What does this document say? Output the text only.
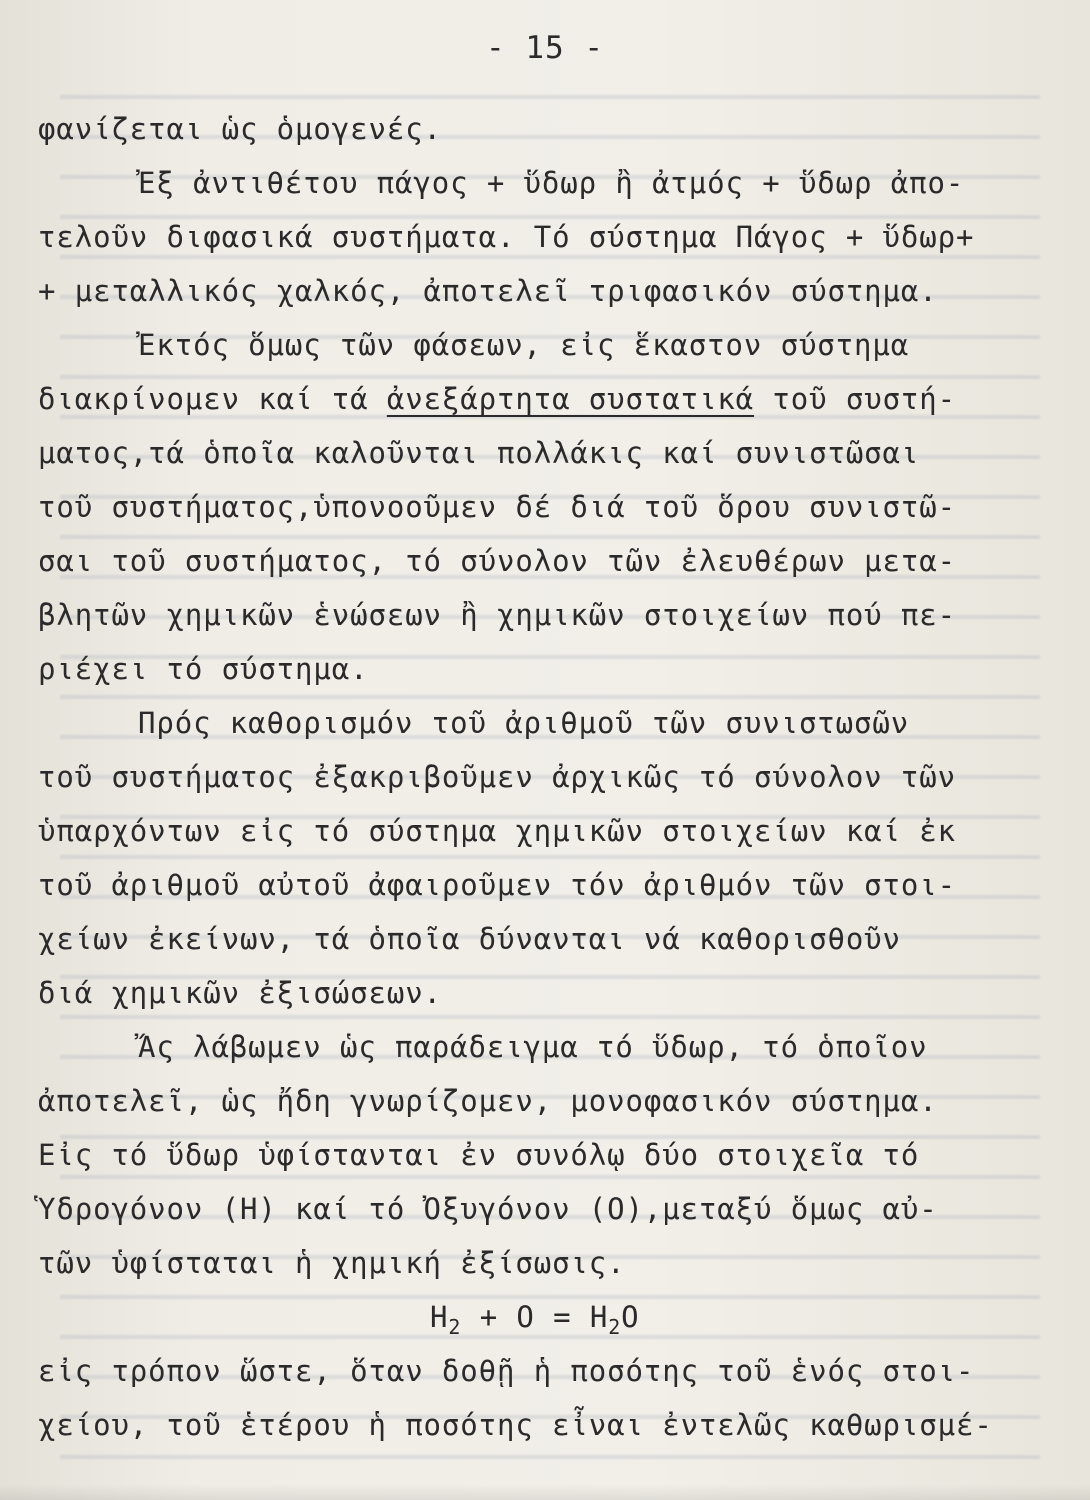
- 15 -
φανίζεται ὡς ὁμογενές.
Ἐξ ἀντιθέτου πάγος + ὕδωρ ἢ ἀτμός + ὕδωρ ἀπο-
τελοῦν διφασικά συστήματα. Τό σύστημα Πάγος + ὕδωρ+
+ μεταλλικός χαλκός, ἀποτελεῖ τριφασικόν σύστημα.
Ἐκτός ὅμως τῶν φάσεων, εἰς ἕκαστον σύστημα
διακρίνομεν καί τά ἀνεξάρτητα συστατικά τοῦ συστή-
ματος,τά ὁποῖα καλοῦνται πολλάκις καί συνιστῶσαι
τοῦ συστήματος,ὑπονοοῦμεν δέ διά τοῦ ὅρου συνιστῶ-
σαι τοῦ συστήματος, τό σύνολον τῶν ἐλευθέρων μετα-
βλητῶν χημικῶν ἑνώσεων ἢ χημικῶν στοιχείων πού πε-
ριέχει τό σύστημα.
Πρός καθορισμόν τοῦ ἀριθμοῦ τῶν συνιστωσῶν
τοῦ συστήματος ἐξακριβοῦμεν ἀρχικῶς τό σύνολον τῶν
ὑπαρχόντων εἰς τό σύστημα χημικῶν στοιχείων καί ἐκ
τοῦ ἀριθμοῦ αὐτοῦ ἀφαιροῦμεν τόν ἀριθμόν τῶν στοι-
χείων ἐκείνων, τά ὁποῖα δύνανται νά καθορισθοῦν
διά χημικῶν ἐξισώσεων.
Ἄς λάβωμεν ὡς παράδειγμα τό ὕδωρ, τό ὁποῖον
ἀποτελεῖ, ὡς ἤδη γνωρίζομεν, μονοφασικόν σύστημα.
Εἰς τό ὕδωρ ὑφίστανται ἐν συνόλῳ δύο στοιχεῖα τό
Ὑδρογόνον (Η) καί τό Ὀξυγόνον (Ο),μεταξύ ὅμως αὐ-
τῶν ὑφίσταται ἡ χημική ἐξίσωσις.
$H_2 + O = H_2O$
εἰς τρόπον ὥστε, ὅταν δοθῇ ἡ ποσότης τοῦ ἑνός στοι-
χείου, τοῦ ἑτέρου ἡ ποσότης εἶναι ἐντελῶς καθωρισμέ-
